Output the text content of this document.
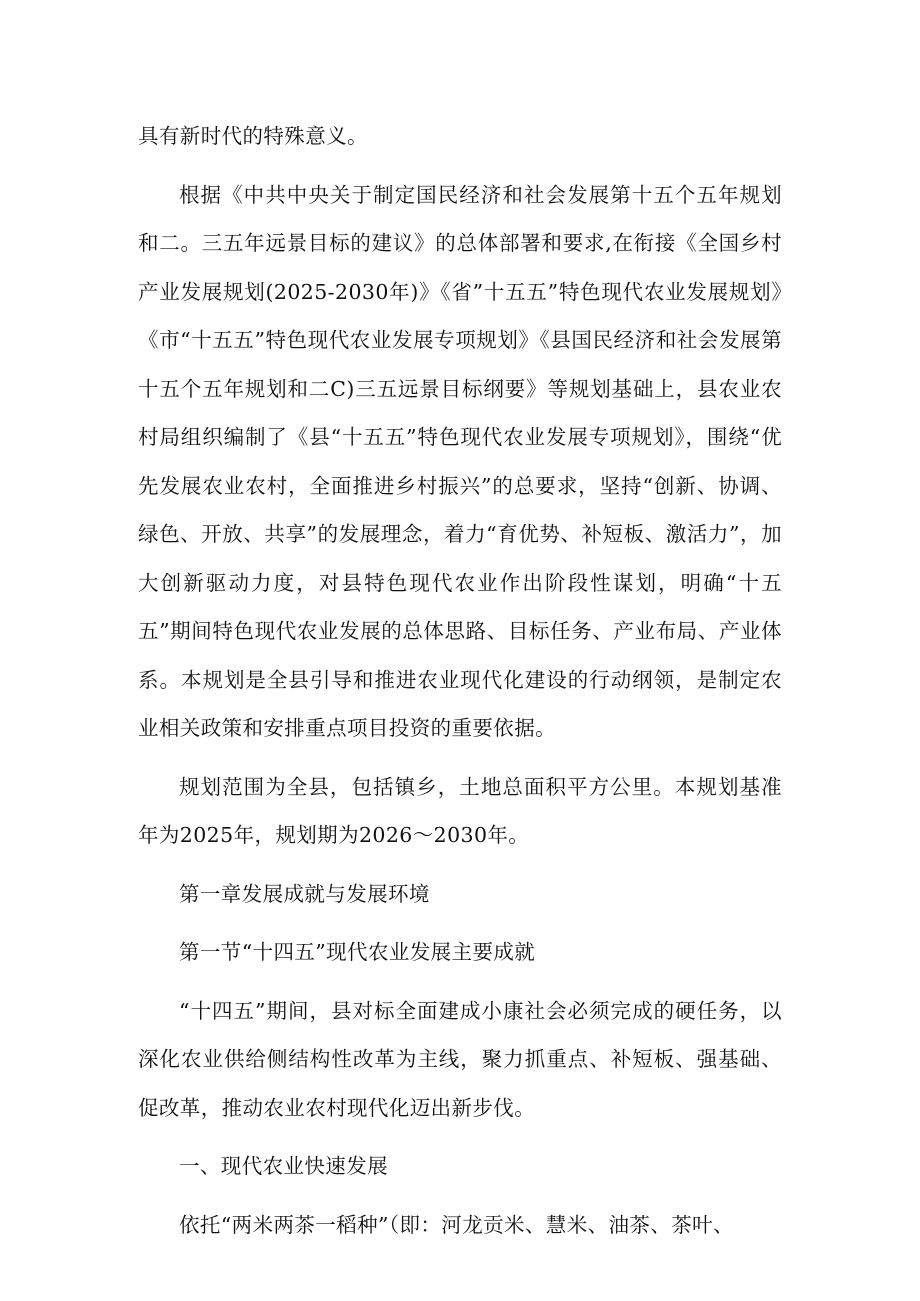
具有新时代的特殊意义。

根据《中共中央关于制定国民经济和社会发展第十五个五年规划和二。三五年远景目标的建议》的总体部署和要求,在衔接《全国乡村产业发展规划(2025-2030年)》《省”十五五”特色现代农业发展规划》《市“十五五”特色现代农业发展专项规划》《县国民经济和社会发展第十五个五年规划和二C)三五远景目标纲要》等规划基础上，县农业农村局组织编制了《县“十五五”特色现代农业发展专项规划》，围绕“优先发展农业农村，全面推进乡村振兴”的总要求，坚持“创新、协调、绿色、开放、共享”的发展理念，着力“育优势、补短板、激活力”，加大创新驱动力度，对县特色现代农业作出阶段性谋划，明确“十五五”期间特色现代农业发展的总体思路、目标任务、产业布局、产业体系。本规划是全县引导和推进农业现代化建设的行动纲领，是制定农业相关政策和安排重点项目投资的重要依据。

规划范围为全县，包括镇乡，土地总面积平方公里。本规划基准年为2025年，规划期为2026〜2030年。

第一章发展成就与发展环境

第一节“十四五”现代农业发展主要成就

“十四五”期间，县对标全面建成小康社会必须完成的硬任务，以深化农业供给侧结构性改革为主线，聚力抓重点、补短板、强基础、促改革，推动农业农村现代化迈出新步伐。

一、现代农业快速发展

依托“两米两茶一稻种”（即：河龙贡米、慧米、油茶、茶叶、
